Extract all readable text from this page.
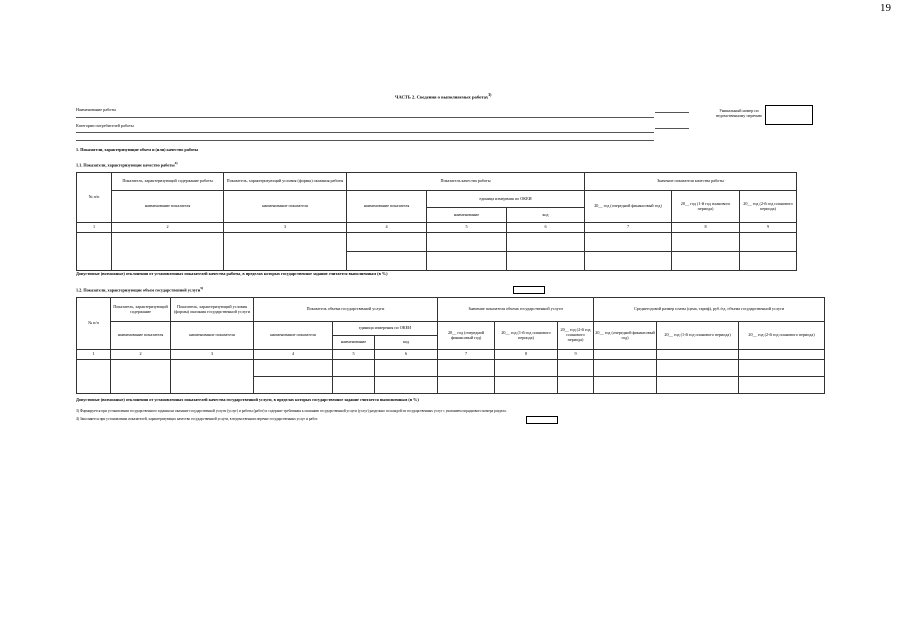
19
ЧАСТЬ 2. Сведения о выполняемых работах$^{3)}$
Наименование работы
Категории потребителей работы
Уникальный номер по ведомственному перечню
1. Показатели, характеризующие объем и (или) качество работы
1.1. Показатели, характеризующие качество работы$^{4)}$
№ п/п	Показатель, характеризующий содержание работы	Показатель, характеризующий условия (формы) оказания работы	Показатель качества работы			Значение показателя качества работы		
	наименование показателя	наименование показателя	наименование показателя	единица измерения по ОКЕИ		20__ год (очередной финансовый год)	20__ год (1-й год планового периода)	20__ год (2-й год планового периода)
				наименование	код			
1	2	3	4	5	6	7	8	9

Допустимые (возможные) отклонения от установленных показателей качества работы, в пределах которых государственное задание считается выполненным (в %)
1.2. Показатели, характеризующие объем государственной услуги$^{5)}$
№ п/п	Показатель, характеризующий содержание	Показатель, характеризующий условия (формы) оказания государственной услуги	Показатель объема государственной услуги			Значение показателя объема государственной услуги			Среднегодовой размер платы (цена, тариф), руб./ед. объема государственной услуги		
	наименование показателя	наименование показателя	наименование показателя	единица измерения по ОКЕИ		20__ год (очередной финансовый год)	20__ год (1-й год планового периода)	20__ год (2-й год планового периода)	20__ год (очередной финансовый год)	20__ год (1-й год планового периода)	20__ год (2-й год планового периода)
				наименование	код						
1	2	3	4	5	6	7	8	9			

Допустимые (возможные) отклонения от установленных показателей качества государственной услуги, в пределах которых государственное задание считается выполненным (в %)
3) Формируется при установлении государственного задания на оказание государственной услуги (услуг) и работы (работ) и содержит требования к оказанию государственной услуги (услуг) раздельно по каждой из государственных услуг с указанием порядкового номера раздела.
4) Заполняется при установлении показателей, характеризующих качество государственной услуги, в ведомственном перечне государственных услуг и работ.
